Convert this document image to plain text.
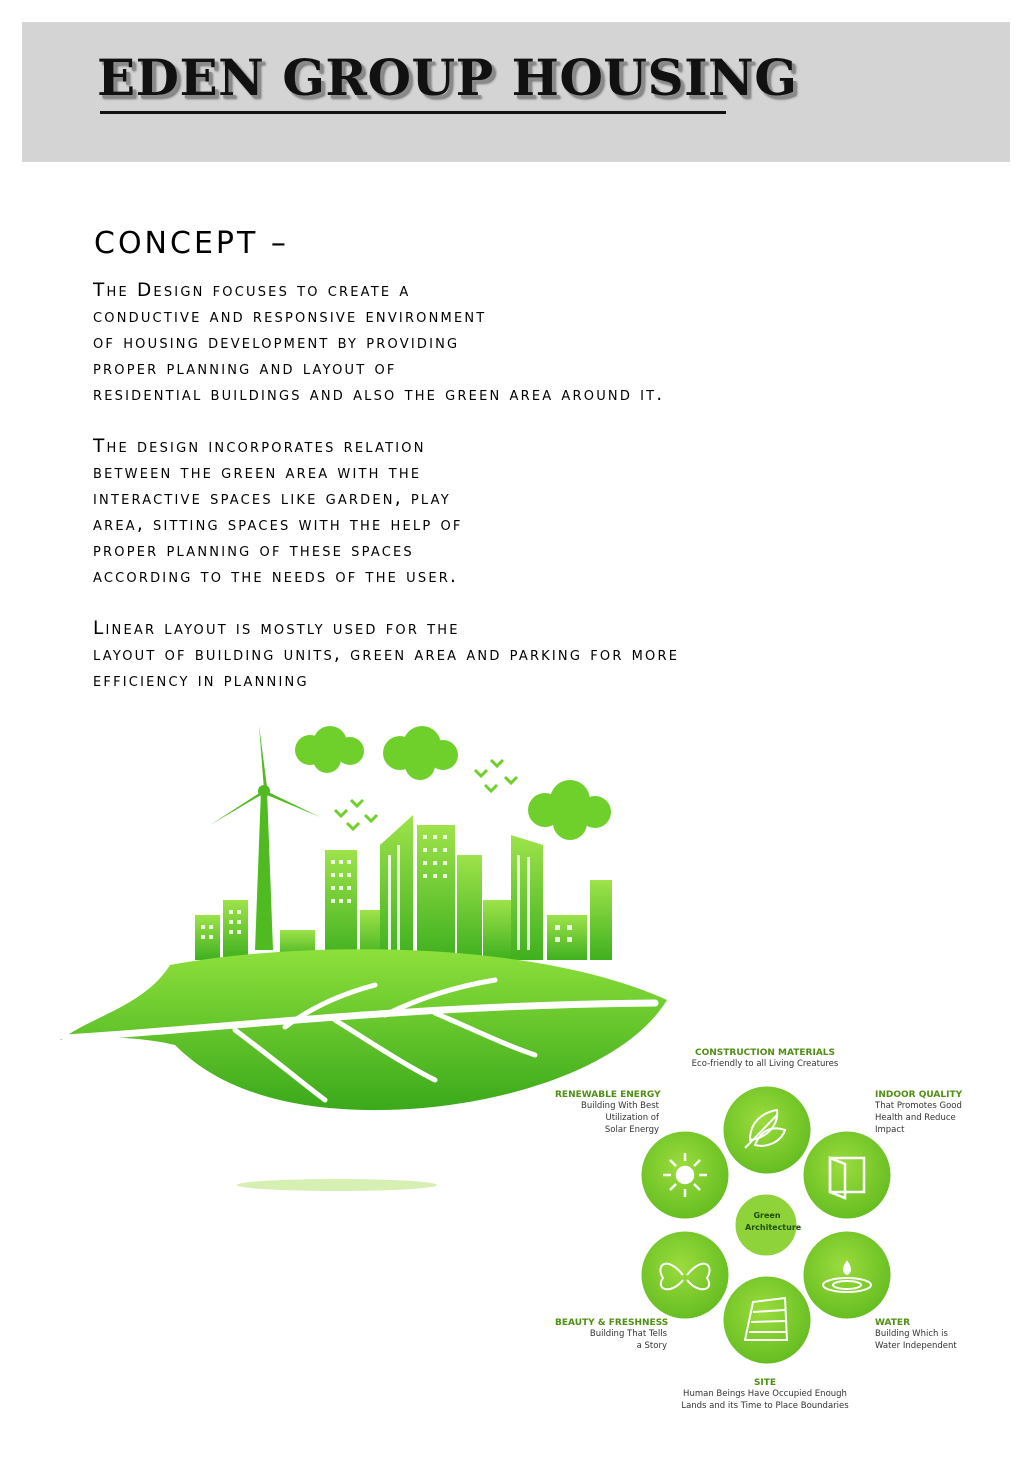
EDEN GROUP HOUSING
CONCEPT –

The Design focuses to create a
conductive and responsive environment
of housing development by providing
proper planning and layout of
residential buildings and also the green area around it.

The design incorporates relation
between the green area with the
interactive spaces like garden, play
area, sitting spaces with the help of
proper planning of these spaces
according to the needs of the user.

Linear layout is mostly used for the
layout of building units, green area and parking for more
efficiency in planning

Green
Architecture
CONSTRUCTION MATERIALS
Eco-friendly to all Living Creatures
INDOOR QUALITY
That Promotes Good
Health and Reduce
Impact
WATER
Building Which is
Water Independent
SITE
Human Beings Have Occupied Enough
Lands and its Time to Place Boundaries
BEAUTY & FRESHNESS
Building That Tells
a Story
RENEWABLE ENERGY
Building With Best
Utilization of
Solar Energy
